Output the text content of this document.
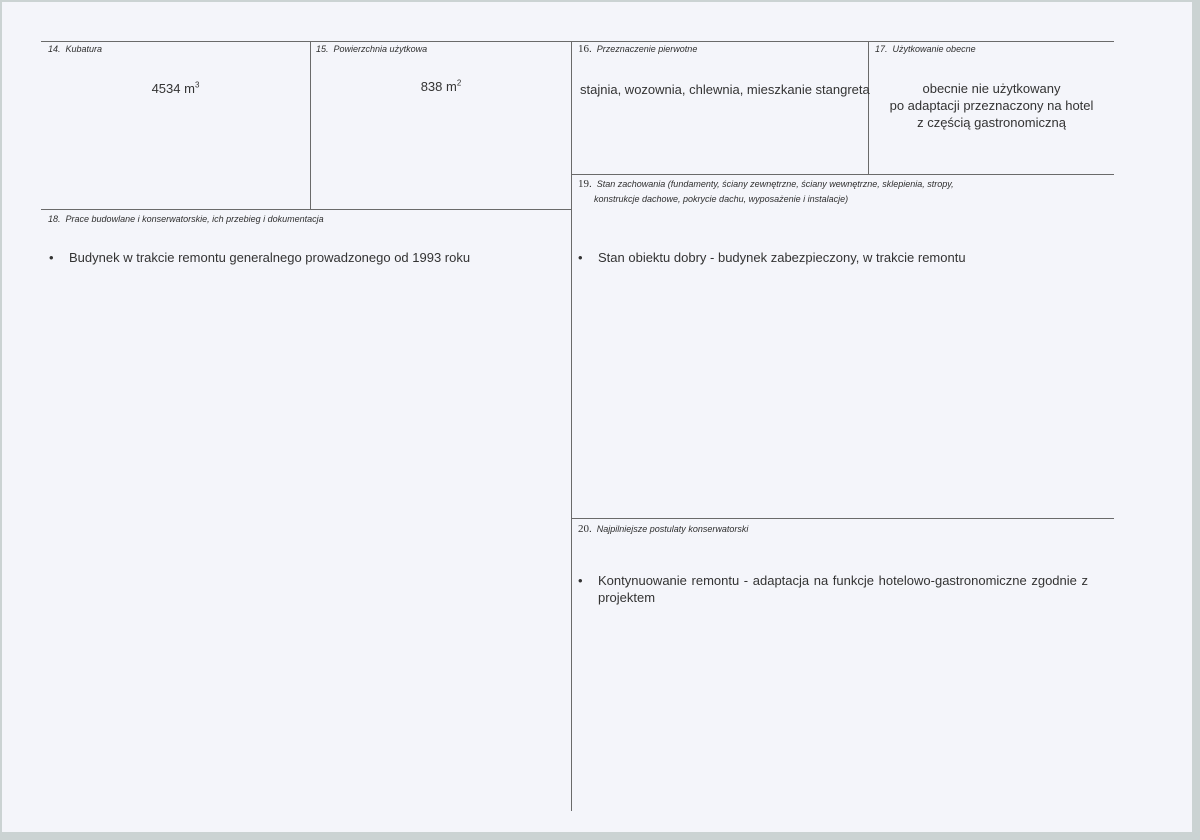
14. Kubatura
4534 $m^3$
15. Powierzchnia użytkowa
838 $m^2$
16. Przeznaczenie pierwotne
stajnia, wozownia, chlewnia, mieszkanie stangreta
17. Użytkowanie obecne
obecnie nie użytkowany
po adaptacji przeznaczony na hotel
z częścią gastronomiczną
19. Stan zachowania (fundamenty, ściany zewnętrzne, ściany wewnętrzne, sklepienia, stropy,
konstrukcje dachowe, pokrycie dachu, wyposażenie i instalacje)
• Stan obiektu dobry - budynek zabezpieczony, w trakcie remontu
18. Prace budowlane i konserwatorskie, ich przebieg i dokumentacja
• Budynek w trakcie remontu generalnego prowadzonego od 1993 roku
20. Najpilniejsze postulaty konserwatorski
• Kontynuowanie remontu - adaptacja na funkcje hotelowo-gastronomiczne zgodnie z projektem
